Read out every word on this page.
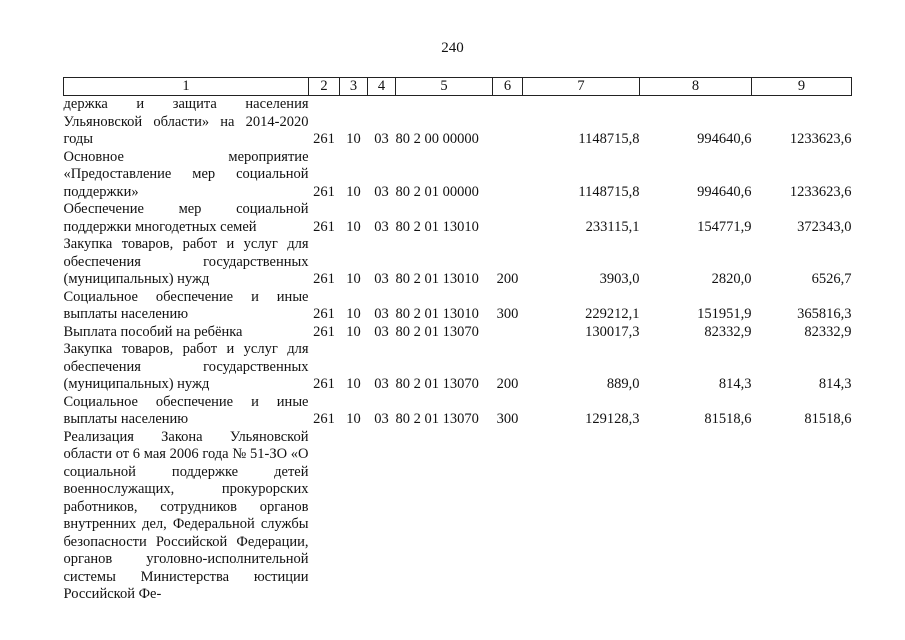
240
1	2	3	4	5	6	7	8	9
держка и защита населения Ульяновской области» на 2014-2020 годы	261	10	03	80 2 00 00000		1148715,8	994640,6	1233623,6
Основное мероприятие «Предоставление мер социальной поддержки»	261	10	03	80 2 01 00000		1148715,8	994640,6	1233623,6
Обеспечение мер социальной поддержки многодетных семей	261	10	03	80 2 01 13010		233115,1	154771,9	372343,0
Закупка товаров, работ и услуг для обеспечения государственных (муниципальных) нужд	261	10	03	80 2 01 13010	200	3903,0	2820,0	6526,7
Социальное обеспечение и иные выплаты населению	261	10	03	80 2 01 13010	300	229212,1	151951,9	365816,3
Выплата пособий на ребёнка	261	10	03	80 2 01 13070		130017,3	82332,9	82332,9
Закупка товаров, работ и услуг для обеспечения государственных (муниципальных) нужд	261	10	03	80 2 01 13070	200	889,0	814,3	814,3
Социальное обеспечение и иные выплаты населению	261	10	03	80 2 01 13070	300	129128,3	81518,6	81518,6
Реализация Закона Ульяновской области от 6 мая 2006 года № 51-ЗО «О социальной поддержке детей военнослужащих, прокурорских работников, сотрудников органов внутренних дел, Федеральной службы безопасности Российской Федерации, органов уголовно-исполнительной системы Министерства юстиции Российской Фе-								
